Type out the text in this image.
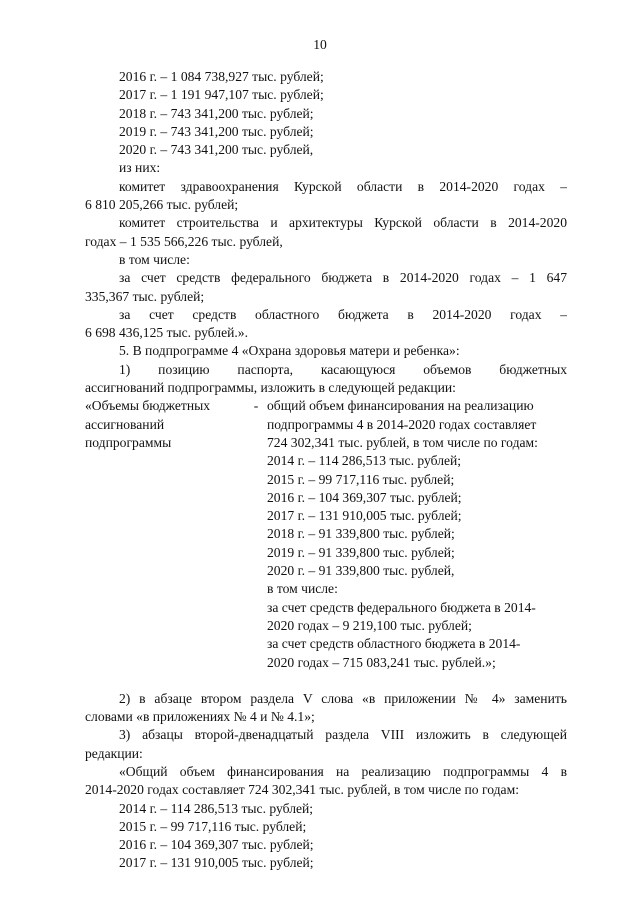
10
2016 г. – 1 084 738,927 тыс. рублей;
2017 г. – 1 191 947,107 тыс. рублей;
2018 г. – 743 341,200 тыс. рублей;
2019 г. – 743 341,200 тыс. рублей;
2020 г. – 743 341,200 тыс. рублей,
из них:
комитет здравоохранения Курской области в 2014-2020 годах –
6 810 205,266 тыс. рублей;
комитет строительства и архитектуры Курской области в 2014-2020
годах – 1 535 566,226 тыс. рублей,
в том числе:
за счет средств федерального бюджета в 2014-2020 годах – 1 647
335,367 тыс. рублей;
за счет средств областного бюджета в 2014-2020 годах –
6 698 436,125 тыс. рублей.».
5. В подпрограмме 4 «Охрана здоровья матери и ребенка»:
1) позицию паспорта, касающуюся объемов бюджетных
ассигнований подпрограммы, изложить в следующей редакции:
«Объемы бюджетных
ассигнований
подпрограммы
- общий объем финансирования на реализацию
подпрограммы 4 в 2014-2020 годах составляет
724 302,341 тыс. рублей, в том числе по годам:
2014 г. – 114 286,513 тыс. рублей;
2015 г. – 99 717,116 тыс. рублей;
2016 г. – 104 369,307 тыс. рублей;
2017 г. – 131 910,005 тыс. рублей;
2018 г. – 91 339,800 тыс. рублей;
2019 г. – 91 339,800 тыс. рублей;
2020 г. – 91 339,800 тыс. рублей,
в том числе:
за счет средств федерального бюджета в 2014-
2020 годах – 9 219,100 тыс. рублей;
за счет средств областного бюджета в 2014-
2020 годах – 715 083,241 тыс. рублей.»;
2) в абзаце втором раздела V слова «в приложении № 4» заменить
словами «в приложениях № 4 и № 4.1»;
3) абзацы второй-двенадцатый раздела VIII изложить в следующей
редакции:
«Общий объем финансирования на реализацию подпрограммы 4 в
2014-2020 годах составляет 724 302,341 тыс. рублей, в том числе по годам:
2014 г. – 114 286,513 тыс. рублей;
2015 г. – 99 717,116 тыс. рублей;
2016 г. – 104 369,307 тыс. рублей;
2017 г. – 131 910,005 тыс. рублей;
